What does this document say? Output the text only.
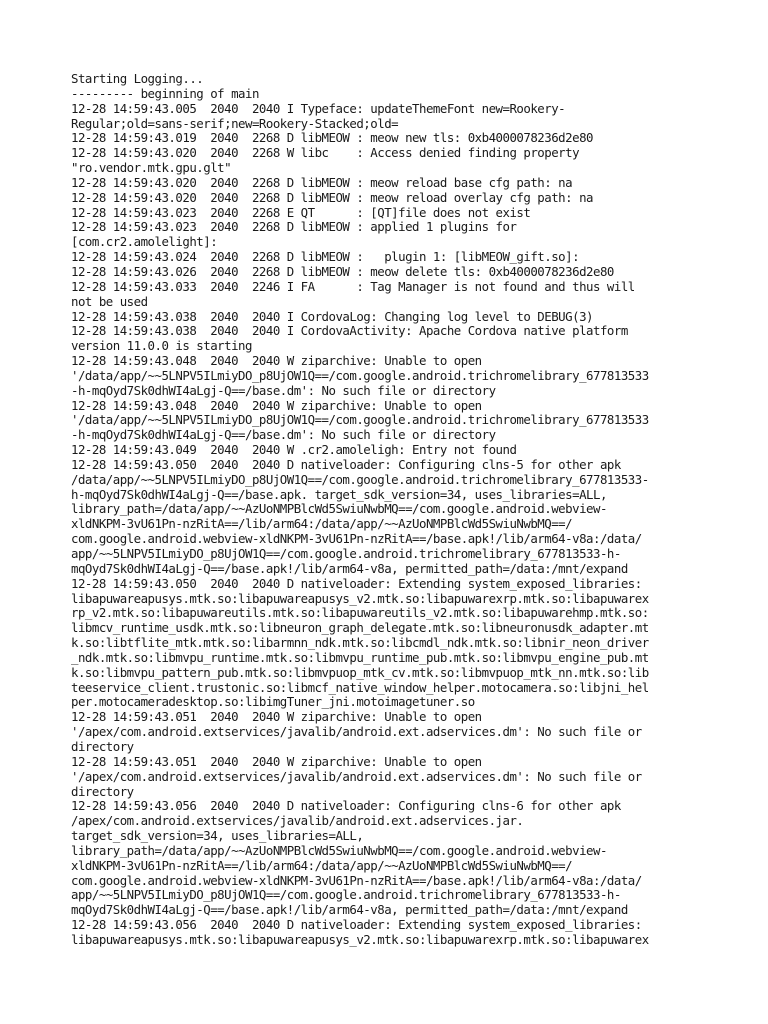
Starting Logging...
--------- beginning of main
12-28 14:59:43.005  2040  2040 I Typeface: updateThemeFont new=Rookery-
Regular;old=sans-serif;new=Rookery-Stacked;old=
12-28 14:59:43.019  2040  2268 D libMEOW : meow new tls: 0xb4000078236d2e80
12-28 14:59:43.020  2040  2268 W libc    : Access denied finding property
"ro.vendor.mtk.gpu.glt"
12-28 14:59:43.020  2040  2268 D libMEOW : meow reload base cfg path: na
12-28 14:59:43.020  2040  2268 D libMEOW : meow reload overlay cfg path: na
12-28 14:59:43.023  2040  2268 E QT      : [QT]file does not exist
12-28 14:59:43.023  2040  2268 D libMEOW : applied 1 plugins for
[com.cr2.amolelight]:
12-28 14:59:43.024  2040  2268 D libMEOW :   plugin 1: [libMEOW_gift.so]:
12-28 14:59:43.026  2040  2268 D libMEOW : meow delete tls: 0xb4000078236d2e80
12-28 14:59:43.033  2040  2246 I FA      : Tag Manager is not found and thus will
not be used
12-28 14:59:43.038  2040  2040 I CordovaLog: Changing log level to DEBUG(3)
12-28 14:59:43.038  2040  2040 I CordovaActivity: Apache Cordova native platform
version 11.0.0 is starting
12-28 14:59:43.048  2040  2040 W ziparchive: Unable to open
'/data/app/~~5LNPV5ILmiyDO_p8UjOW1Q==/com.google.android.trichromelibrary_677813533
-h-mqOyd7Sk0dhWI4aLgj-Q==/base.dm': No such file or directory
12-28 14:59:43.048  2040  2040 W ziparchive: Unable to open
'/data/app/~~5LNPV5ILmiyDO_p8UjOW1Q==/com.google.android.trichromelibrary_677813533
-h-mqOyd7Sk0dhWI4aLgj-Q==/base.dm': No such file or directory
12-28 14:59:43.049  2040  2040 W .cr2.amoleligh: Entry not found
12-28 14:59:43.050  2040  2040 D nativeloader: Configuring clns-5 for other apk
/data/app/~~5LNPV5ILmiyDO_p8UjOW1Q==/com.google.android.trichromelibrary_677813533-
h-mqOyd7Sk0dhWI4aLgj-Q==/base.apk. target_sdk_version=34, uses_libraries=ALL,
library_path=/data/app/~~AzUoNMPBlcWd5SwiuNwbMQ==/com.google.android.webview-
xldNKPM-3vU61Pn-nzRitA==/lib/arm64:/data/app/~~AzUoNMPBlcWd5SwiuNwbMQ==/
com.google.android.webview-xldNKPM-3vU61Pn-nzRitA==/base.apk!/lib/arm64-v8a:/data/
app/~~5LNPV5ILmiyDO_p8UjOW1Q==/com.google.android.trichromelibrary_677813533-h-
mqOyd7Sk0dhWI4aLgj-Q==/base.apk!/lib/arm64-v8a, permitted_path=/data:/mnt/expand
12-28 14:59:43.050  2040  2040 D nativeloader: Extending system_exposed_libraries:
libapuwareapusys.mtk.so:libapuwareapusys_v2.mtk.so:libapuwarexrp.mtk.so:libapuwarex
rp_v2.mtk.so:libapuwareutils.mtk.so:libapuwareutils_v2.mtk.so:libapuwarehmp.mtk.so:
libmcv_runtime_usdk.mtk.so:libneuron_graph_delegate.mtk.so:libneuronusdk_adapter.mt
k.so:libtflite_mtk.mtk.so:libarmnn_ndk.mtk.so:libcmdl_ndk.mtk.so:libnir_neon_driver
_ndk.mtk.so:libmvpu_runtime.mtk.so:libmvpu_runtime_pub.mtk.so:libmvpu_engine_pub.mt
k.so:libmvpu_pattern_pub.mtk.so:libmvpuop_mtk_cv.mtk.so:libmvpuop_mtk_nn.mtk.so:lib
teeservice_client.trustonic.so:libmcf_native_window_helper.motocamera.so:libjni_hel
per.motocameradesktop.so:libimgTuner_jni.motoimagetuner.so
12-28 14:59:43.051  2040  2040 W ziparchive: Unable to open
'/apex/com.android.extservices/javalib/android.ext.adservices.dm': No such file or
directory
12-28 14:59:43.051  2040  2040 W ziparchive: Unable to open
'/apex/com.android.extservices/javalib/android.ext.adservices.dm': No such file or
directory
12-28 14:59:43.056  2040  2040 D nativeloader: Configuring clns-6 for other apk
/apex/com.android.extservices/javalib/android.ext.adservices.jar.
target_sdk_version=34, uses_libraries=ALL,
library_path=/data/app/~~AzUoNMPBlcWd5SwiuNwbMQ==/com.google.android.webview-
xldNKPM-3vU61Pn-nzRitA==/lib/arm64:/data/app/~~AzUoNMPBlcWd5SwiuNwbMQ==/
com.google.android.webview-xldNKPM-3vU61Pn-nzRitA==/base.apk!/lib/arm64-v8a:/data/
app/~~5LNPV5ILmiyDO_p8UjOW1Q==/com.google.android.trichromelibrary_677813533-h-
mqOyd7Sk0dhWI4aLgj-Q==/base.apk!/lib/arm64-v8a, permitted_path=/data:/mnt/expand
12-28 14:59:43.056  2040  2040 D nativeloader: Extending system_exposed_libraries:
libapuwareapusys.mtk.so:libapuwareapusys_v2.mtk.so:libapuwarexrp.mtk.so:libapuwarex
